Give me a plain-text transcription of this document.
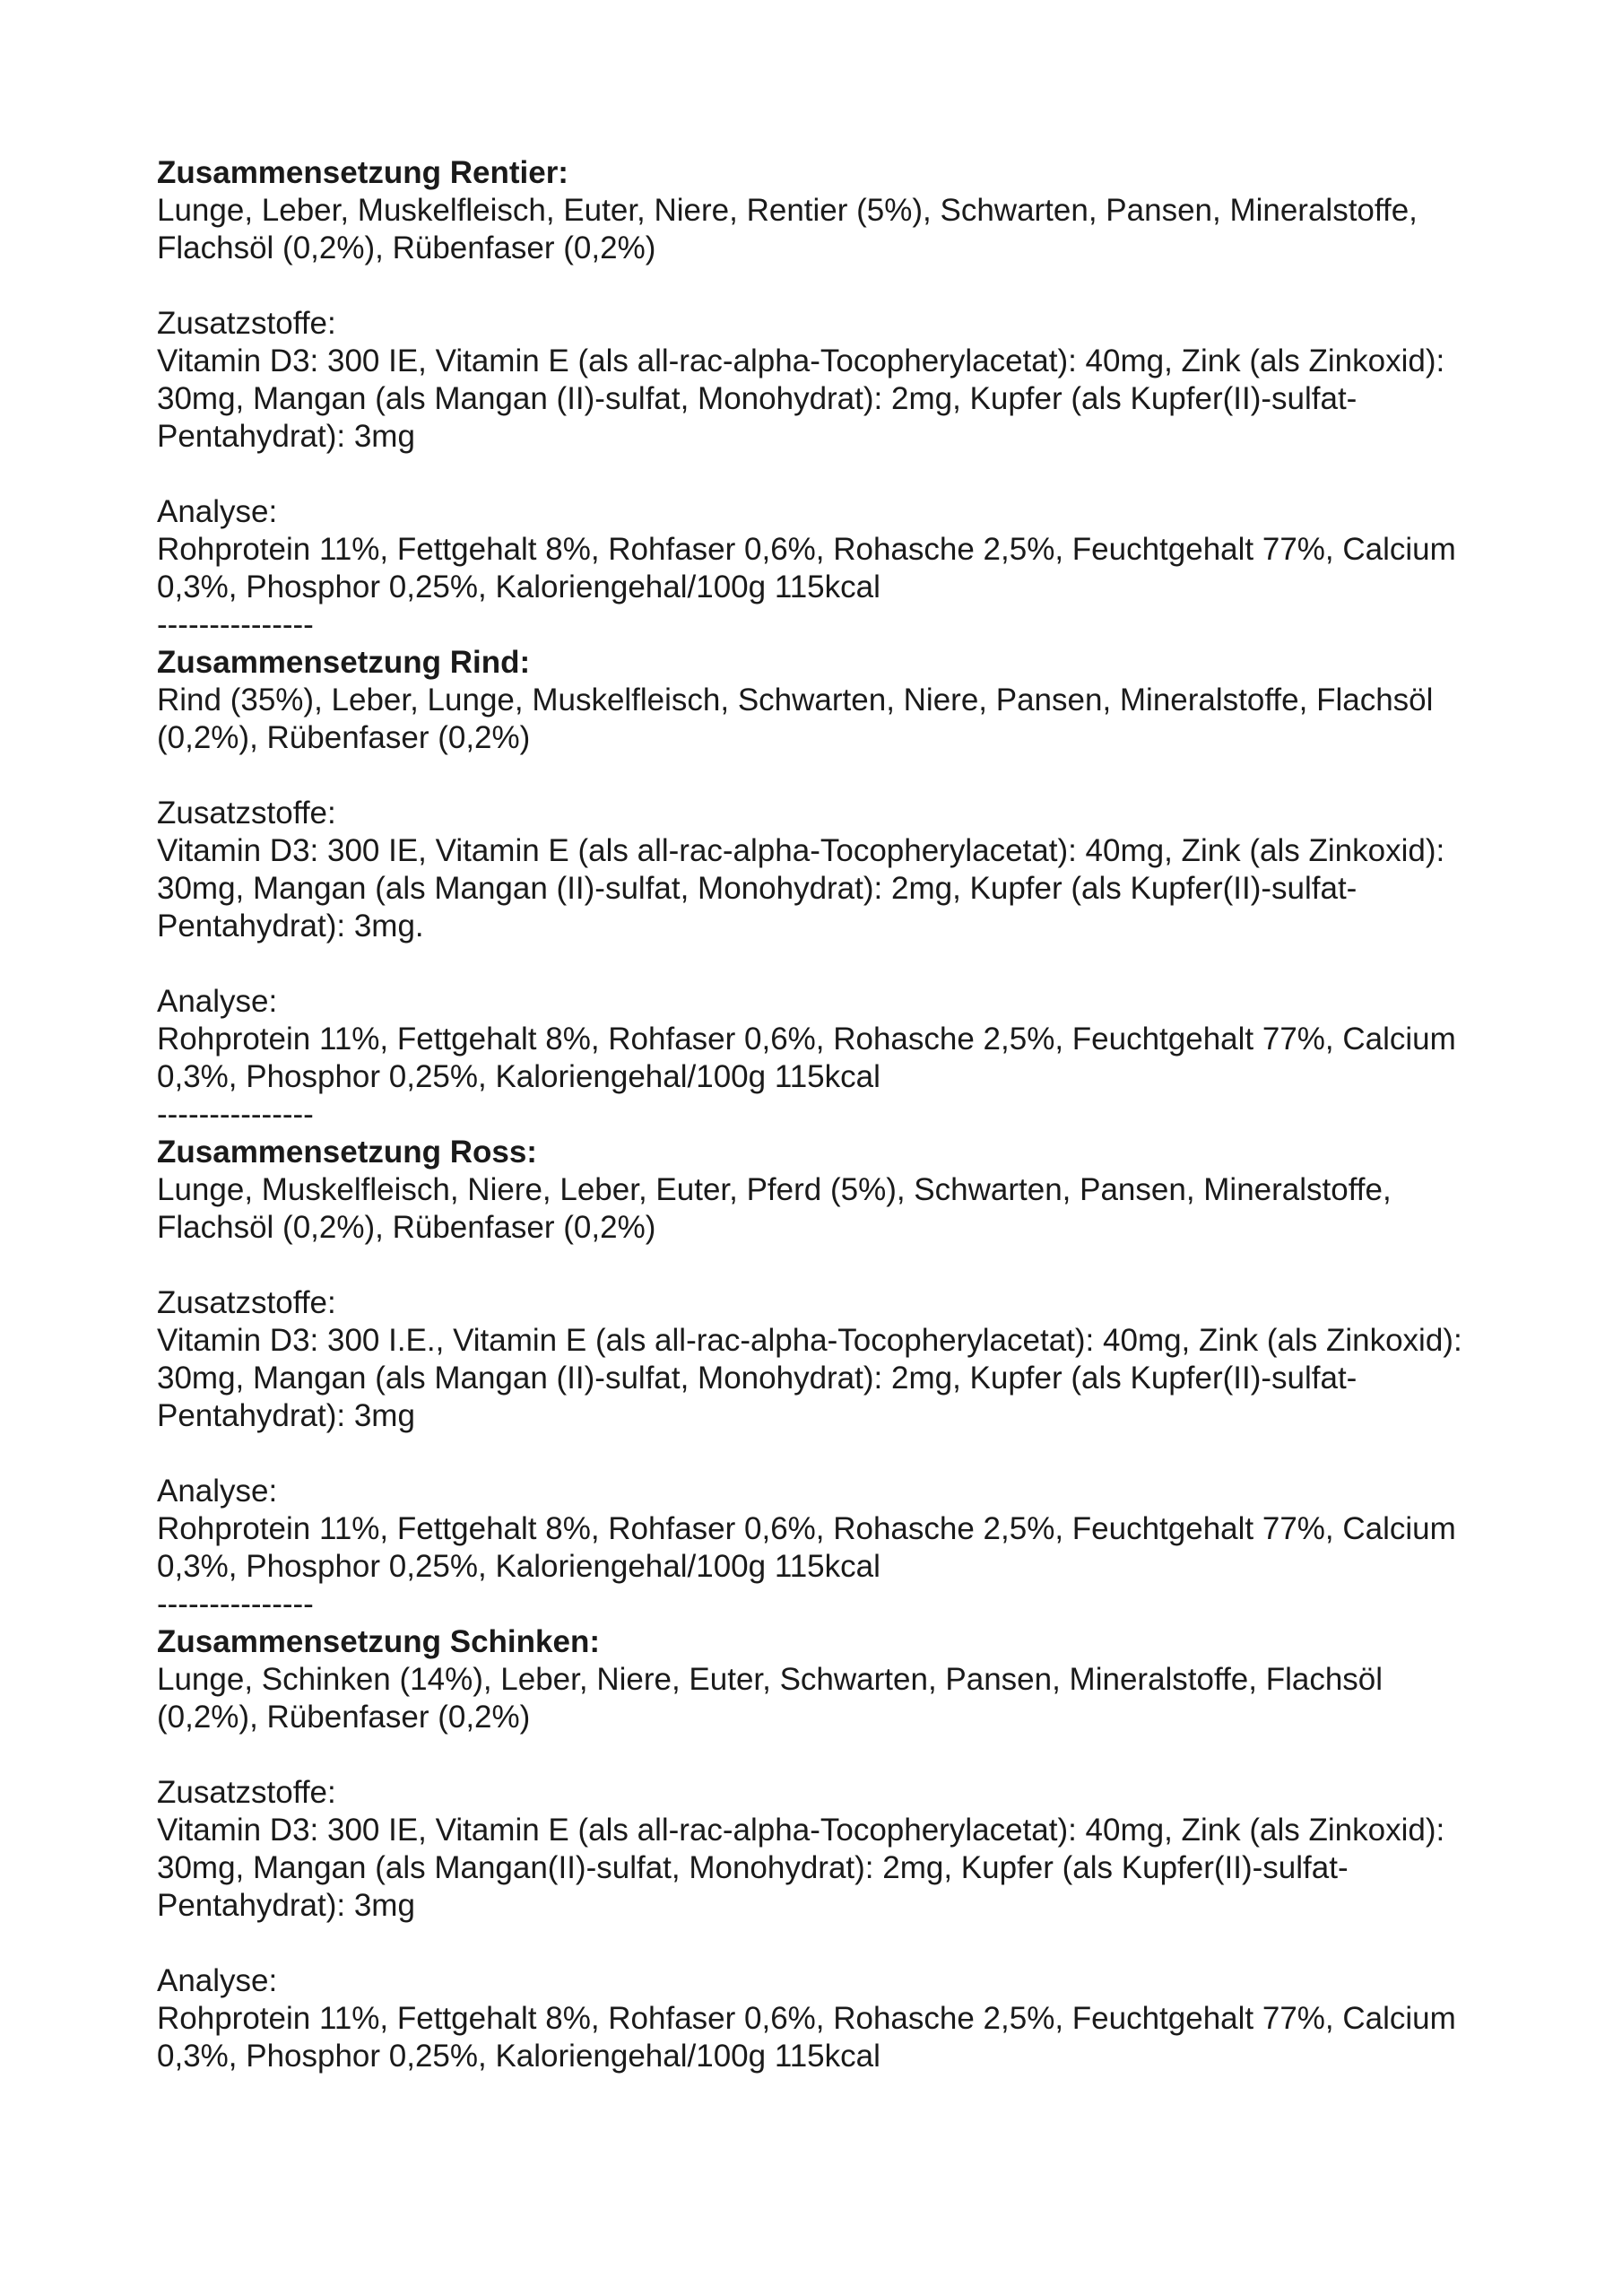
Zusammensetzung Rentier:
Lunge, Leber, Muskelfleisch, Euter, Niere, Rentier (5%), Schwarten, Pansen, Mineralstoffe, Flachsöl (0,2%), Rübenfaser (0,2%)
Zusatzstoffe:
Vitamin D3: 300 IE, Vitamin E (als all-rac-alpha-Tocopherylacetat): 40mg, Zink (als Zinkoxid): 30mg, Mangan (als Mangan (II)-sulfat, Monohydrat): 2mg, Kupfer (als Kupfer(II)-sulfat-Pentahydrat): 3mg
Analyse:
Rohprotein 11%, Fettgehalt 8%, Rohfaser 0,6%, Rohasche 2,5%, Feuchtgehalt 77%, Calcium 0,3%, Phosphor 0,25%, Kaloriengehal/100g 115kcal
---------------
Zusammensetzung Rind:
Rind (35%), Leber, Lunge, Muskelfleisch, Schwarten, Niere, Pansen, Mineralstoffe, Flachsöl (0,2%), Rübenfaser (0,2%)
Zusatzstoffe:
Vitamin D3: 300 IE, Vitamin E (als all-rac-alpha-Tocopherylacetat): 40mg, Zink (als Zinkoxid): 30mg, Mangan (als Mangan (II)-sulfat, Monohydrat): 2mg, Kupfer (als Kupfer(II)-sulfat-Pentahydrat): 3mg.
Analyse:
Rohprotein 11%, Fettgehalt 8%, Rohfaser 0,6%, Rohasche 2,5%, Feuchtgehalt 77%, Calcium 0,3%, Phosphor 0,25%, Kaloriengehal/100g 115kcal
---------------
Zusammensetzung Ross:
Lunge, Muskelfleisch, Niere, Leber, Euter, Pferd (5%), Schwarten, Pansen, Mineralstoffe, Flachsöl (0,2%), Rübenfaser (0,2%)
Zusatzstoffe:
Vitamin D3: 300 I.E., Vitamin E (als all-rac-alpha-Tocopherylacetat): 40mg, Zink (als Zinkoxid): 30mg, Mangan (als Mangan (II)-sulfat, Monohydrat): 2mg, Kupfer (als Kupfer(II)-sulfat-Pentahydrat): 3mg
Analyse:
Rohprotein 11%, Fettgehalt 8%, Rohfaser 0,6%, Rohasche 2,5%, Feuchtgehalt 77%, Calcium 0,3%, Phosphor 0,25%, Kaloriengehal/100g 115kcal
---------------
Zusammensetzung Schinken:
Lunge, Schinken (14%), Leber, Niere, Euter, Schwarten, Pansen, Mineralstoffe, Flachsöl (0,2%), Rübenfaser (0,2%)
Zusatzstoffe:
Vitamin D3: 300 IE, Vitamin E (als all-rac-alpha-Tocopherylacetat): 40mg, Zink (als Zinkoxid): 30mg, Mangan (als Mangan(II)-sulfat, Monohydrat): 2mg, Kupfer (als Kupfer(II)-sulfat-Pentahydrat): 3mg
Analyse:
Rohprotein 11%, Fettgehalt 8%, Rohfaser 0,6%, Rohasche 2,5%, Feuchtgehalt 77%, Calcium 0,3%, Phosphor 0,25%, Kaloriengehal/100g 115kcal
